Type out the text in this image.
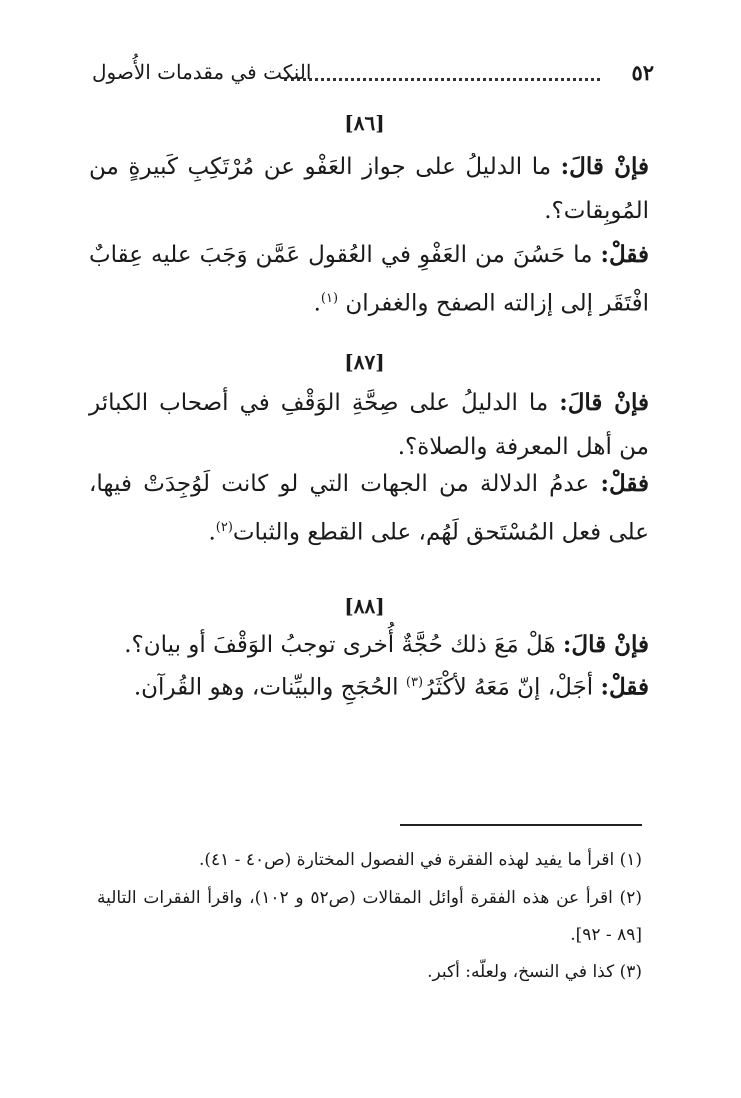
٥٢
النكت في مقدمات الأُصول
[٨٦]
فإنْ قالَ: ما الدليلُ على جواز العَفْو عن مُرْتَكِبِ كَبيرةٍ من المُوبِقات؟.
فقلْ: ما حَسُنَ من العَفْوِ في العُقول عَمَّن وَجَبَ عليه عِقابٌ افْتَقَر إلى إزالته الصفح والغفران $^{(١)}$.
[٨٧]
فإنْ قالَ: ما الدليلُ على صِحَّةِ الوَقْفِ في أصحاب الكبائر من أهل المعرفة والصلاة؟.
فقلْ: عدمُ الدلالة من الجهات التي لو كانت لَوُجِدَتْ فيها، على فعل المُسْتَحق لَهُم، على القطع والثبات$^{(٢)}$.
[٨٨]
فإنْ قالَ: هَلْ مَعَ ذلك حُجَّةٌ أُخرى توجبُ الوَقْفَ أو بيان؟.
فقلْ: أجَلْ، إنّ مَعَهُ لأكْثَرُ$^{(٣)}$ الحُجَجِ والبيِّنات، وهو القُرآن.
(١) اقرأ ما يفيد لهذه الفقرة في الفصول المختارة (ص٤٠ - ٤١).
(٢) اقرأ عن هذه الفقرة أوائل المقالات (ص٥٢ و ١٠٢)، واقرأ الفقرات التالية [٨٩ - ٩٢].
(٣) كذا في النسخ، ولعلّه: أكبر.
